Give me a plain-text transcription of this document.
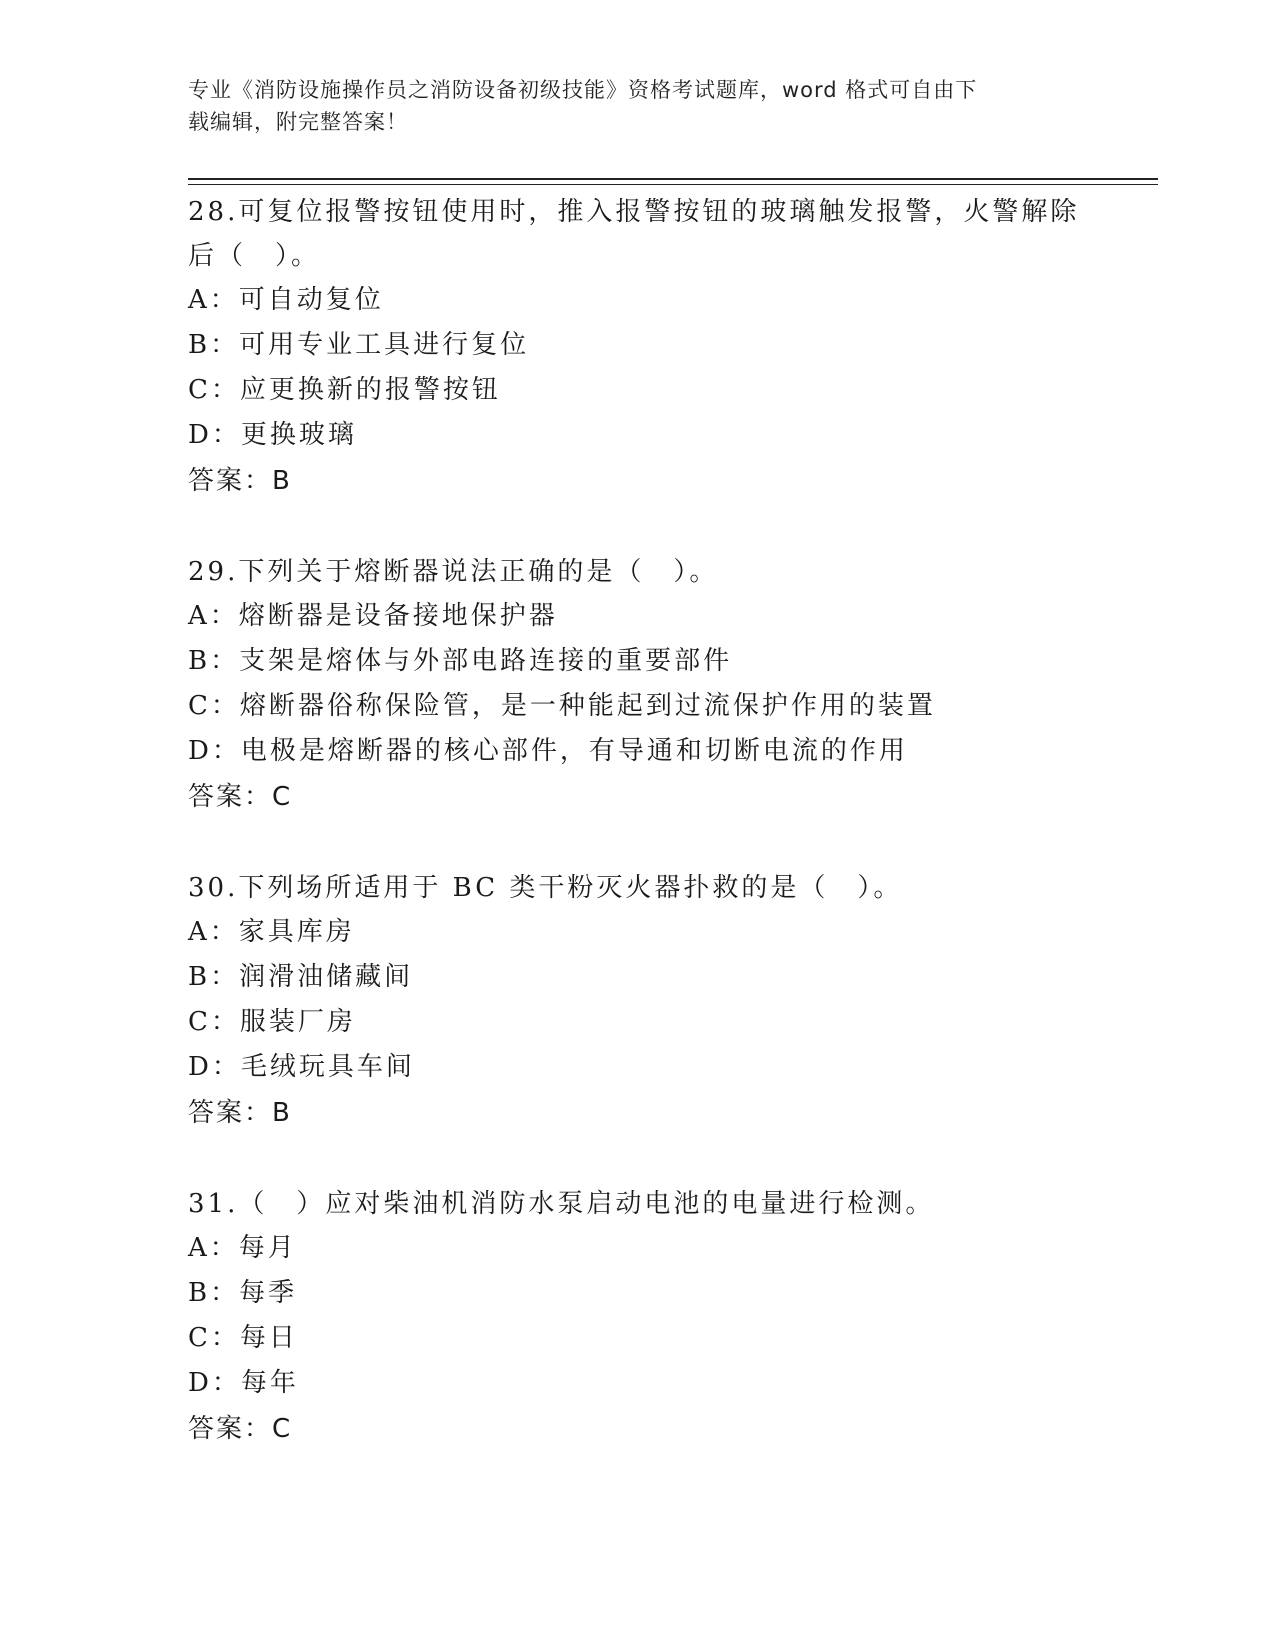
专业《消防设施操作员之消防设备初级技能》资格考试题库，word 格式可自由下
载编辑，附完整答案！

28.可复位报警按钮使用时，推入报警按钮的玻璃触发报警，火警解除

后（　）。

A：可自动复位

B：可用专业工具进行复位

C：应更换新的报警按钮

D：更换玻璃

答案：B

29.下列关于熔断器说法正确的是（　）。

A：熔断器是设备接地保护器

B：支架是熔体与外部电路连接的重要部件

C：熔断器俗称保险管，是一种能起到过流保护作用的装置

D：电极是熔断器的核心部件，有导通和切断电流的作用

答案：C

30.下列场所适用于 BC 类干粉灭火器扑救的是（　）。

A：家具库房

B：润滑油储藏间

C：服装厂房

D：毛绒玩具车间

答案：B

31.（　）应对柴油机消防水泵启动电池的电量进行检测。

A：每月

B：每季

C：每日

D：每年

答案：C
